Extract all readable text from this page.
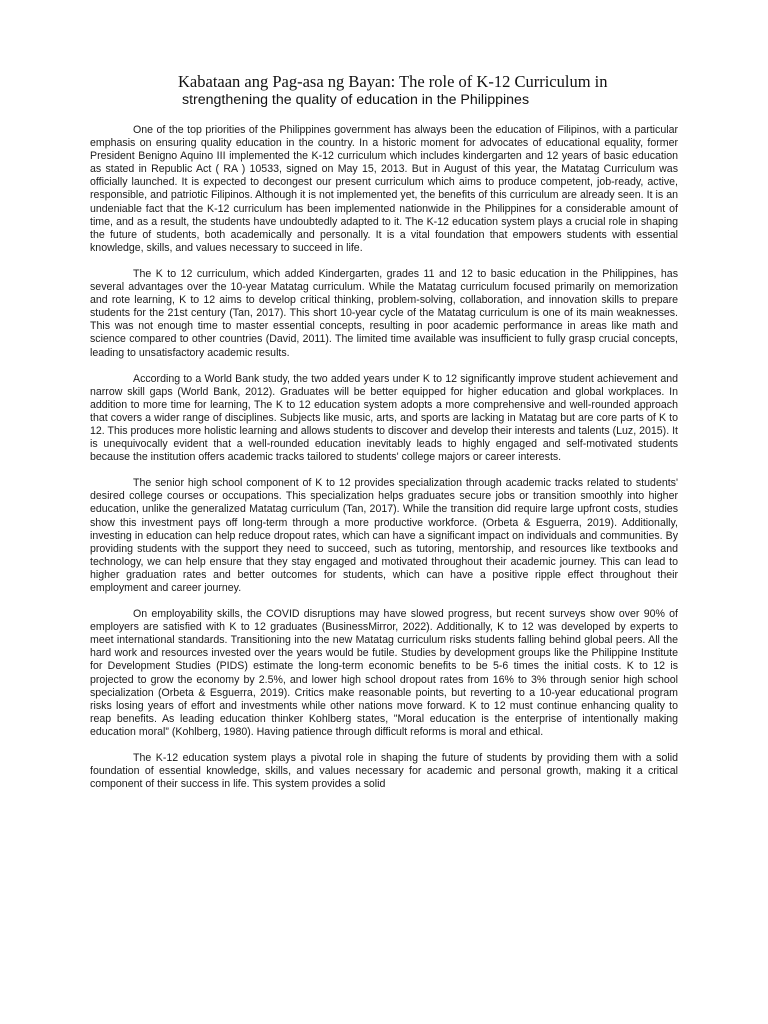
Kabataan ang Pag-asa ng Bayan: The role of K-12 Curriculum in
strengthening the quality of education in the Philippines

One of the top priorities of the Philippines government has always been the education of Filipinos, with a particular emphasis on ensuring quality education in the country. In a historic moment for advocates of educational equality, former President Benigno Aquino III implemented the K-12 curriculum which includes kindergarten and 12 years of basic education as stated in Republic Act ( RA ) 10533, signed on May 15, 2013. But in August of this year, the Matatag Curriculum was officially launched. It is expected to decongest our present curriculum which aims to produce competent, job-ready, active, responsible, and patriotic Filipinos. Although it is not implemented yet, the benefits of this curriculum are already seen. It is an undeniable fact that the K-12 curriculum has been implemented nationwide in the Philippines for a considerable amount of time, and as a result, the students have undoubtedly adapted to it. The K-12 education system plays a crucial role in shaping the future of students, both academically and personally. It is a vital foundation that empowers students with essential knowledge, skills, and values necessary to succeed in life.

The K to 12 curriculum, which added Kindergarten, grades 11 and 12 to basic education in the Philippines, has several advantages over the 10-year Matatag curriculum. While the Matatag curriculum focused primarily on memorization and rote learning, K to 12 aims to develop critical thinking, problem-solving, collaboration, and innovation skills to prepare students for the 21st century (Tan, 2017). This short 10-year cycle of the Matatag curriculum is one of its main weaknesses. This was not enough time to master essential concepts, resulting in poor academic performance in areas like math and science compared to other countries (David, 2011). The limited time available was insufficient to fully grasp crucial concepts, leading to unsatisfactory academic results.

According to a World Bank study, the two added years under K to 12 significantly improve student achievement and narrow skill gaps (World Bank, 2012). Graduates will be better equipped for higher education and global workplaces. In addition to more time for learning, The K to 12 education system adopts a more comprehensive and well-rounded approach that covers a wider range of disciplines. Subjects like music, arts, and sports are lacking in Matatag but are core parts of K to 12. This produces more holistic learning and allows students to discover and develop their interests and talents (Luz, 2015). It is unequivocally evident that a well-rounded education inevitably leads to highly engaged and self-motivated students because the institution offers academic tracks tailored to students' college majors or career interests.

The senior high school component of K to 12 provides specialization through academic tracks related to students' desired college courses or occupations. This specialization helps graduates secure jobs or transition smoothly into higher education, unlike the generalized Matatag curriculum (Tan, 2017). While the transition did require large upfront costs, studies show this investment pays off long-term through a more productive workforce. (Orbeta & Esguerra, 2019). Additionally, investing in education can help reduce dropout rates, which can have a significant impact on individuals and communities. By providing students with the support they need to succeed, such as tutoring, mentorship, and resources like textbooks and technology, we can help ensure that they stay engaged and motivated throughout their academic journey. This can lead to higher graduation rates and better outcomes for students, which can have a positive ripple effect throughout their employment and career journey.

On employability skills, the COVID disruptions may have slowed progress, but recent surveys show over 90% of employers are satisfied with K to 12 graduates (BusinessMirror, 2022). Additionally, K to 12 was developed by experts to meet international standards. Transitioning into the new Matatag curriculum risks students falling behind global peers. All the hard work and resources invested over the years would be futile. Studies by development groups like the Philippine Institute for Development Studies (PIDS) estimate the long-term economic benefits to be 5-6 times the initial costs. K to 12 is projected to grow the economy by 2.5%, and lower high school dropout rates from 16% to 3% through senior high school specialization (Orbeta & Esguerra, 2019). Critics make reasonable points, but reverting to a 10-year educational program risks losing years of effort and investments while other nations move forward. K to 12 must continue enhancing quality to reap benefits. As leading education thinker Kohlberg states, "Moral education is the enterprise of intentionally making education moral” (Kohlberg, 1980). Having patience through difficult reforms is moral and ethical.

The K-12 education system plays a pivotal role in shaping the future of students by providing them with a solid foundation of essential knowledge, skills, and values necessary for academic and personal growth, making it a critical component of their success in life. This system provides a solid
